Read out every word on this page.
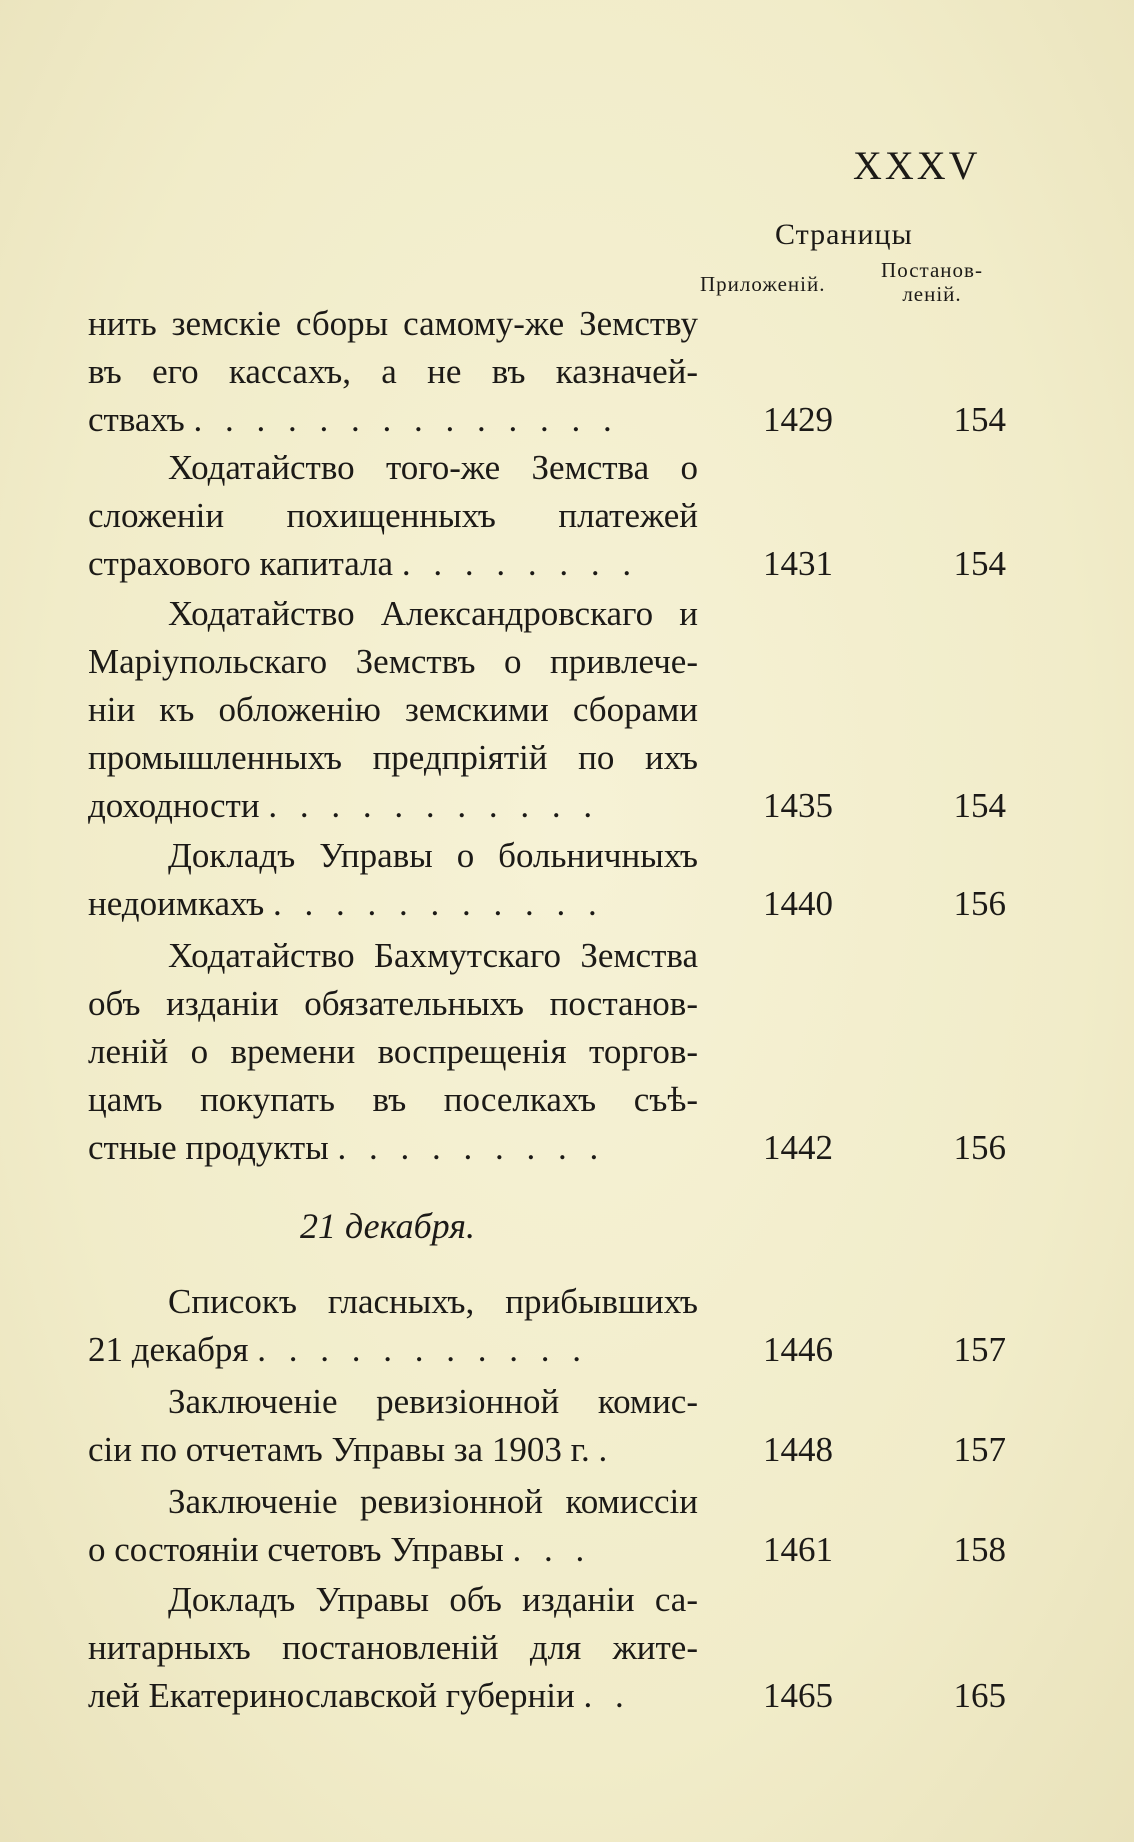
XXXV
Страницы
Приложеній.
Постанов-
леній.
нить земскіе сборы самому-же Земству
въ его кассахъ, а не въ казначей-
ствахъ . . . . . . . . . . . . . .	1429	154
Ходатайство того-же Земства о
сложеніи похищенныхъ платежей
страхового капитала . . . . . . . .	1431	154
Ходатайство Александровскаго и
Маріупольскаго Земствъ о привлече-
ніи къ обложенію земскими сборами
промышленныхъ предпріятій по ихъ
доходности . . . . . . . . . . .	1435	154
Докладъ Управы о больничныхъ
недоимкахъ . . . . . . . . . . .	1440	156
Ходатайство Бахмутскаго Земства
объ изданіи обязательныхъ постанов-
леній о времени воспрещенія торгов-
цамъ покупать въ поселкахъ съѣ-
стные продукты . . . . . . . . .	1442	156
21 декабря.
Списокъ гласныхъ, прибывшихъ
21 декабря . . . . . . . . . . .	1446	157
Заключеніе ревизіонной комис-
сіи по отчетамъ Управы за 1903 г. .	1448	157
Заключеніе ревизіонной комиссіи
о состояніи счетовъ Управы . . .	1461	158
Докладъ Управы объ изданіи са-
нитарныхъ постановленій для жите-
лей Екатеринославской губерніи . .	1465	165
